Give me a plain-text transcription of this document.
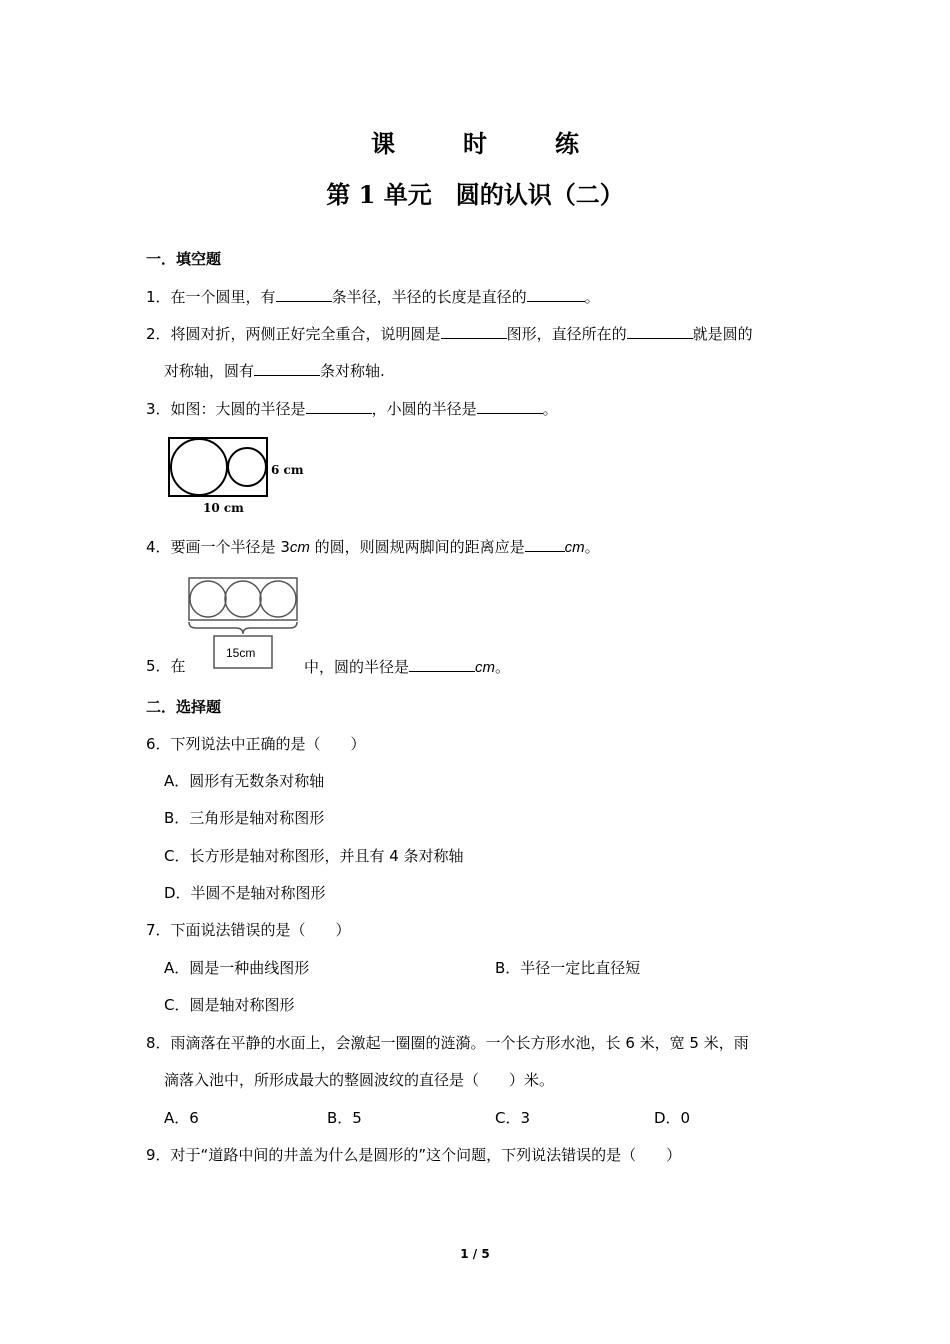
课　时　练
第 1 单元　圆的认识（二）
一．填空题
1．在一个圆里，有	条半径，半径的长度是直径的	。
2．将圆对折，两侧正好完全重合，说明圆是	图形，直径所在的	就是圆的
对称轴，圆有	条对称轴.
3．如图：大圆的半径是	，小圆的半径是	。
6 cm
10 cm
4．要画一个半径是 3cm 的圆，则圆规两脚间的距离应是	cm。
15cm
5．在	中，圆的半径是	cm。
二．选择题
6．下列说法中正确的是（　　）
A．圆形有无数条对称轴
B．三角形是轴对称图形
C．长方形是轴对称图形，并且有 4 条对称轴
D．半圆不是轴对称图形
7．下面说法错误的是（　　）
A．圆是一种曲线图形	B．半径一定比直径短
C．圆是轴对称图形
8．雨滴落在平静的水面上，会激起一圈圈的涟漪。一个长方形水池，长 6 米，宽 5 米，雨
滴落入池中，所形成最大的整圆波纹的直径是（　　）米。
A．6	B．5	C．3	D．0
9．对于“道路中间的井盖为什么是圆形的”这个问题，下列说法错误的是（　　）
1 / 5
